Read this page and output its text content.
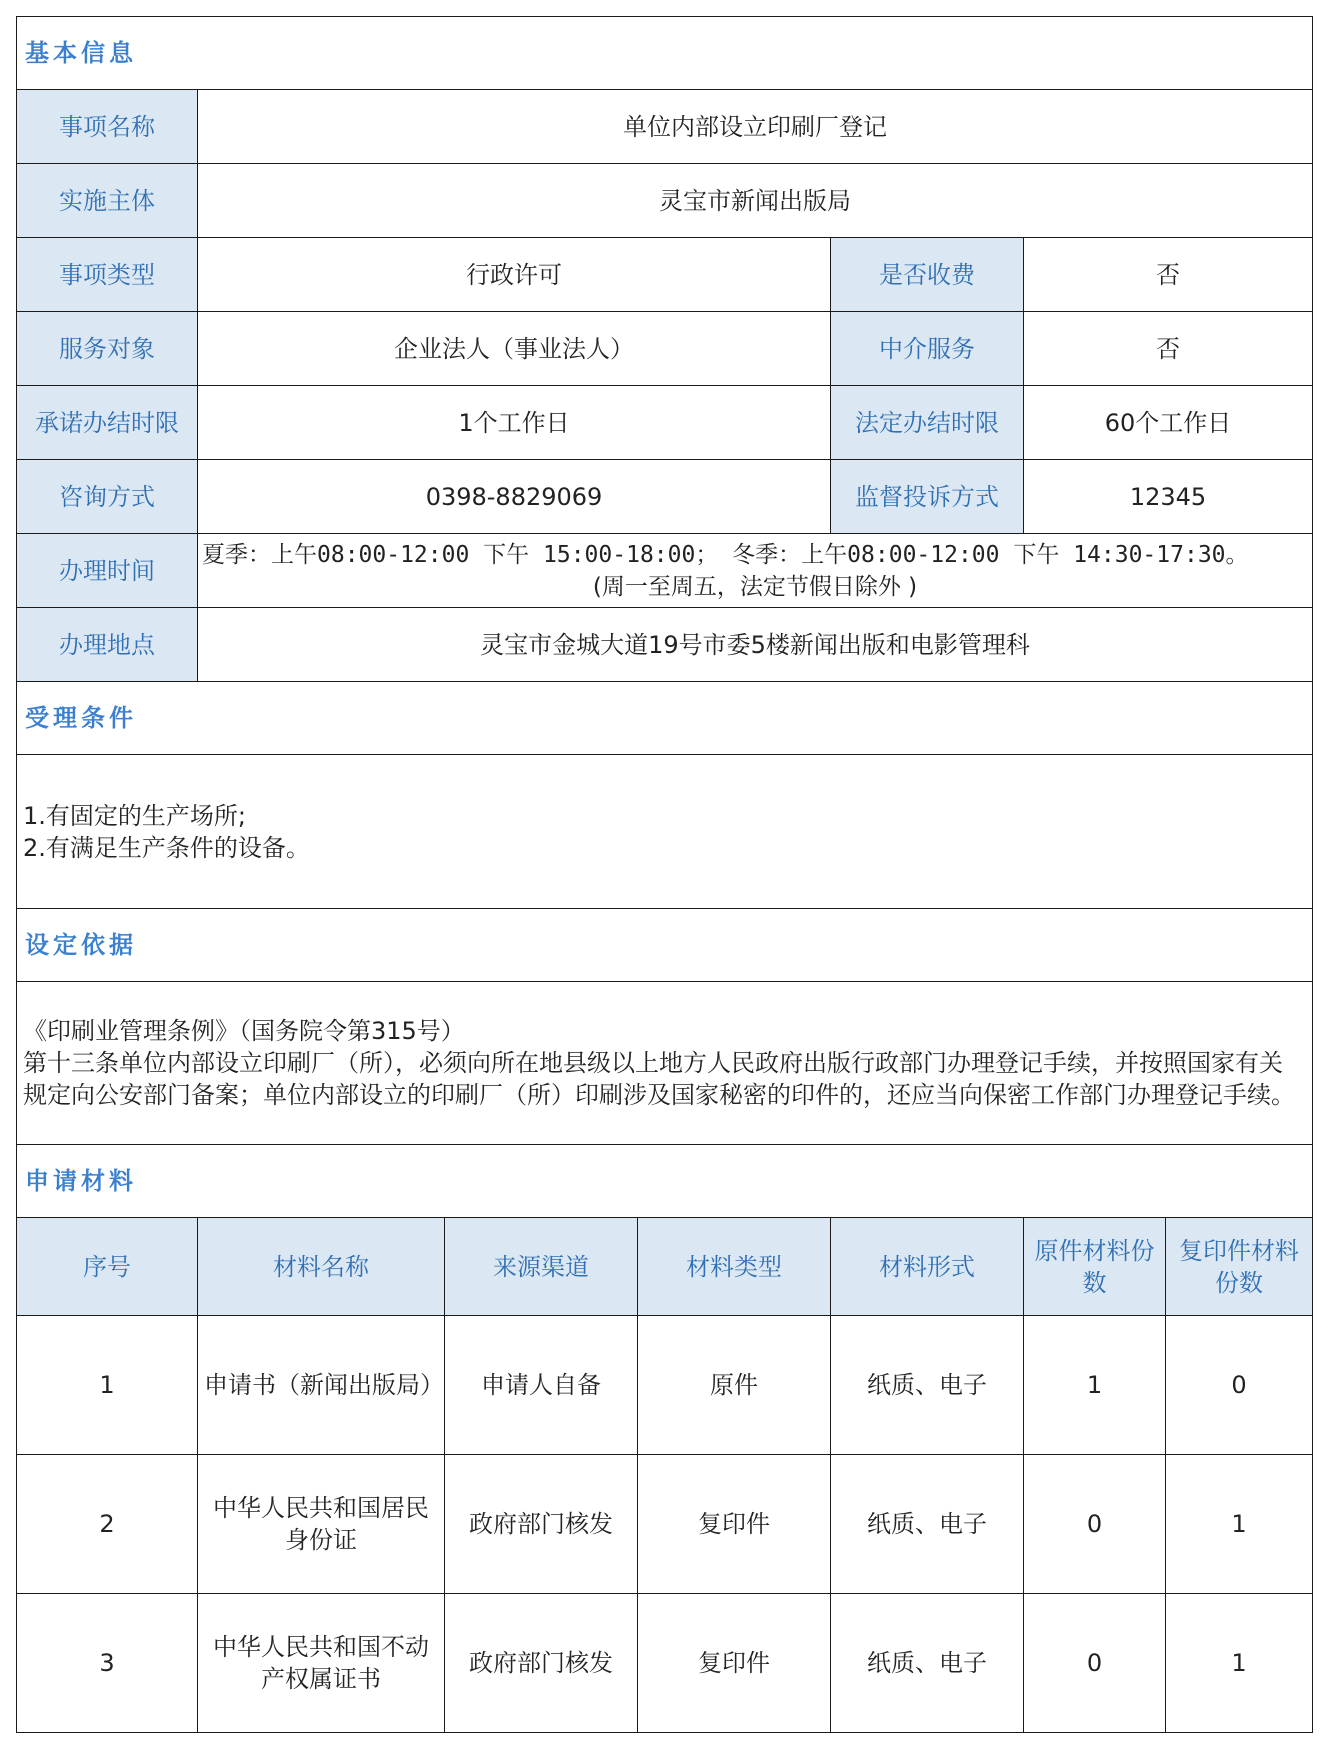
基本信息						
事项名称	单位内部设立印刷厂登记					
实施主体	灵宝市新闻出版局					
事项类型	行政许可			是否收费	否	
服务对象	企业法人（事业法人）			中介服务	否	
承诺办结时限	1个工作日			法定办结时限	60个工作日	
咨询方式	0398-8829069			监督投诉方式	12345	
办理时间	夏季：上午08:00-12:00 下午 15:00-18:00； 冬季：上午08:00-12:00 下午 14:30-17:30。
(周一至周五，法定节假日除外 )					

办理地点	灵宝市金城大道19号市委5楼新闻出版和电影管理科					
受理条件						

1.有固定的生产场所;
2.有满足生产条件的设备。						

设定依据						

《印刷业管理条例》（国务院令第315号）
第十三条单位内部设立印刷厂（所），必须向所在地县级以上地方人民政府出版行政部门办理登记手续，并按照国家有关规定向公安部门备案；单位内部设立的印刷厂（所）印刷涉及国家秘密的印件的，还应当向保密工作部门办理登记手续。						

申请材料						
序号	材料名称	来源渠道	材料类型	材料形式	原件材料份数	复印件材料份数
1	申请书（新闻出版局）	申请人自备	原件	纸质、电子	1	0
2	中华人民共和国居民身份证	政府部门核发	复印件	纸质、电子	0	1
3	中华人民共和国不动产权属证书	政府部门核发	复印件	纸质、电子	0	1
